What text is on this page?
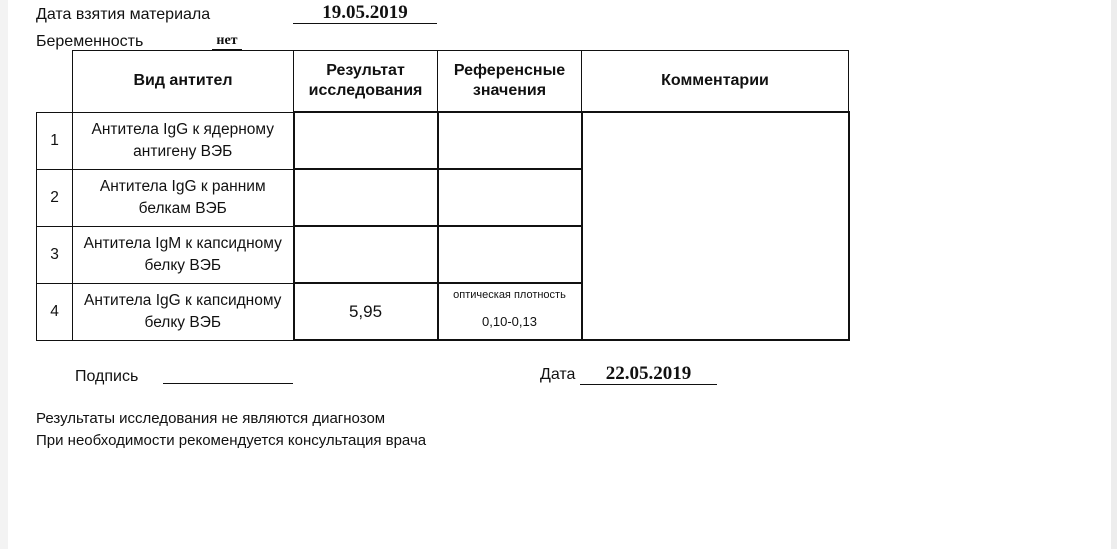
Дата взятия материала	19.05.2019
Беременность	нет
	Вид антител	Результат исследования	Референсные значения	Комментарии
1	Антитела IgG к ядерному антигену ВЭБ			
2	Антитела IgG к ранним белкам ВЭБ			
3	Антитела IgM к капсидному белку ВЭБ			
4	Антитела IgG к капсидному белку ВЭБ	5,95	оптическая плотность
0,10-0,13	
Подпись	Дата	22.05.2019
Результаты исследования не являются диагнозом
При необходимости рекомендуется консультация врача
